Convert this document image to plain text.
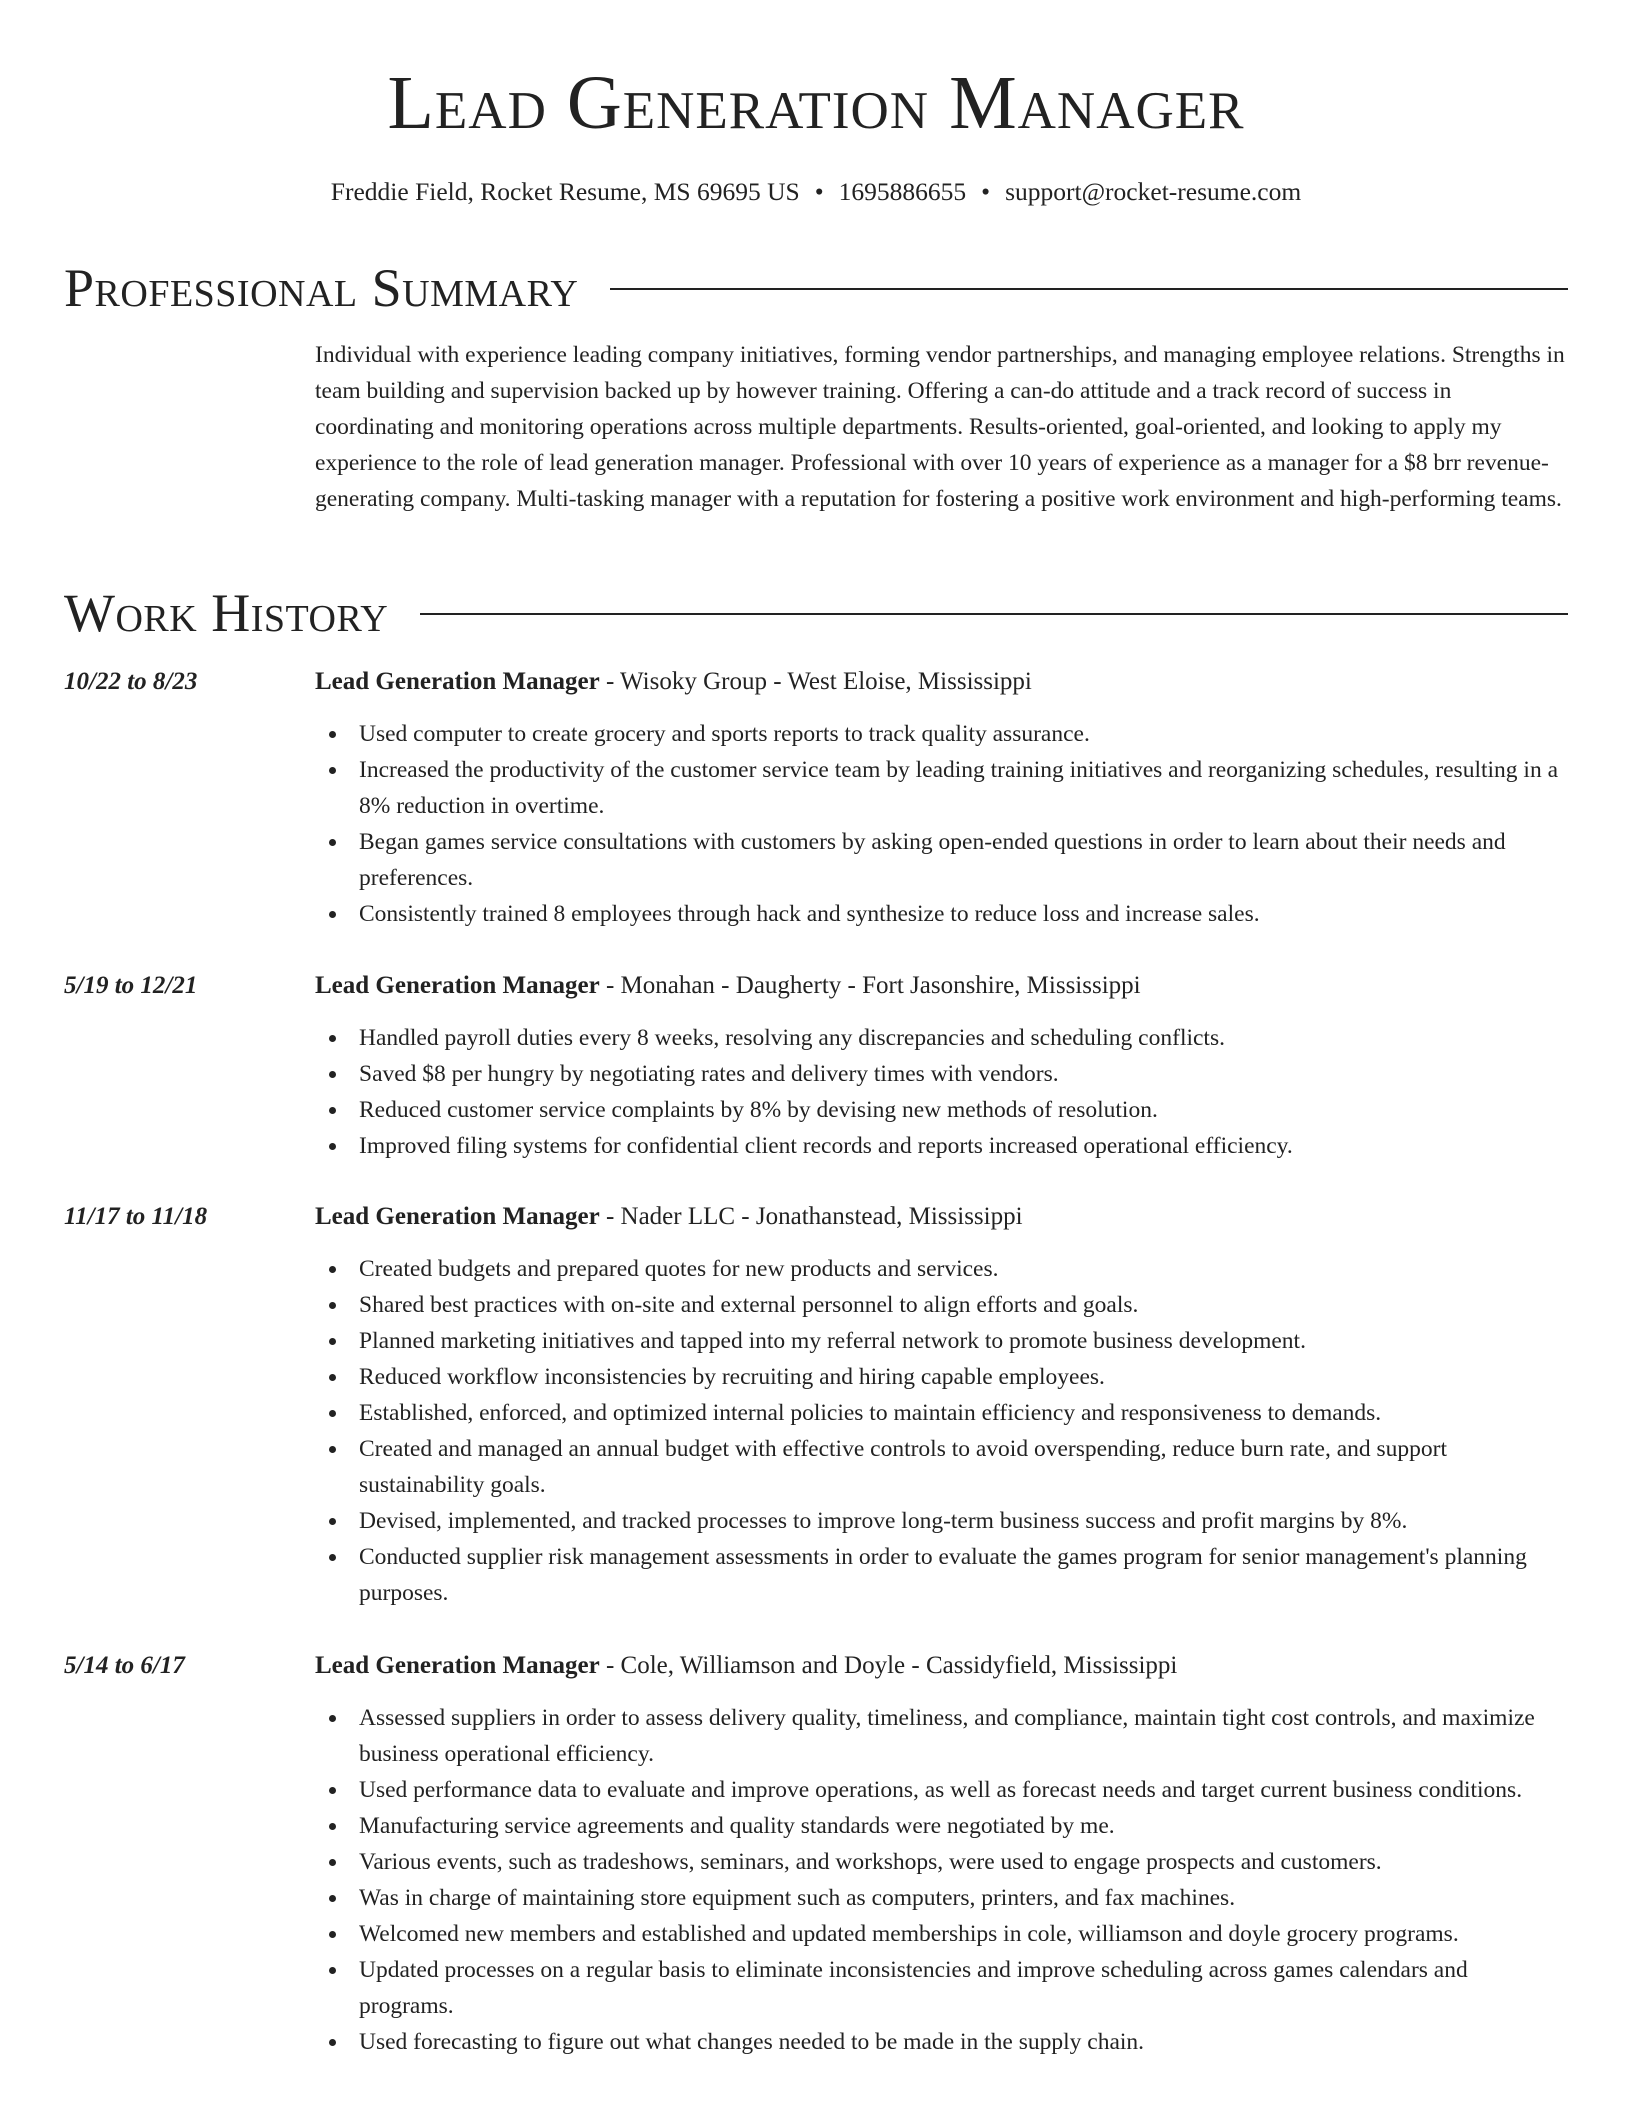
Lead Generation Manager
Freddie Field, Rocket Resume, MS 69695 US • 1695886655 • support@rocket-resume.com
Professional Summary
Individual with experience leading company initiatives, forming vendor partnerships, and managing employee relations. Strengths in team building and supervision backed up by however training. Offering a can-do attitude and a track record of success in coordinating and monitoring operations across multiple departments. Results-oriented, goal-oriented, and looking to apply my experience to the role of lead generation manager. Professional with over 10 years of experience as a manager for a $8 brr revenue-generating company. Multi-tasking manager with a reputation for fostering a positive work environment and high-performing teams.
Work History
10/22 to 8/23	Lead Generation Manager - Wisoky Group - West Eloise, Mississippi
Used computer to create grocery and sports reports to track quality assurance.
Increased the productivity of the customer service team by leading training initiatives and reorganizing schedules, resulting in a 8% reduction in overtime.
Began games service consultations with customers by asking open-ended questions in order to learn about their needs and preferences.
Consistently trained 8 employees through hack and synthesize to reduce loss and increase sales.
5/19 to 12/21	Lead Generation Manager - Monahan - Daugherty - Fort Jasonshire, Mississippi
Handled payroll duties every 8 weeks, resolving any discrepancies and scheduling conflicts.
Saved $8 per hungry by negotiating rates and delivery times with vendors.
Reduced customer service complaints by 8% by devising new methods of resolution.
Improved filing systems for confidential client records and reports increased operational efficiency.
11/17 to 11/18	Lead Generation Manager - Nader LLC - Jonathanstead, Mississippi
Created budgets and prepared quotes for new products and services.
Shared best practices with on-site and external personnel to align efforts and goals.
Planned marketing initiatives and tapped into my referral network to promote business development.
Reduced workflow inconsistencies by recruiting and hiring capable employees.
Established, enforced, and optimized internal policies to maintain efficiency and responsiveness to demands.
Created and managed an annual budget with effective controls to avoid overspending, reduce burn rate, and support sustainability goals.
Devised, implemented, and tracked processes to improve long-term business success and profit margins by 8%.
Conducted supplier risk management assessments in order to evaluate the games program for senior management's planning purposes.
5/14 to 6/17	Lead Generation Manager - Cole, Williamson and Doyle - Cassidyfield, Mississippi
Assessed suppliers in order to assess delivery quality, timeliness, and compliance, maintain tight cost controls, and maximize business operational efficiency.
Used performance data to evaluate and improve operations, as well as forecast needs and target current business conditions.
Manufacturing service agreements and quality standards were negotiated by me.
Various events, such as tradeshows, seminars, and workshops, were used to engage prospects and customers.
Was in charge of maintaining store equipment such as computers, printers, and fax machines.
Welcomed new members and established and updated memberships in cole, williamson and doyle grocery programs.
Updated processes on a regular basis to eliminate inconsistencies and improve scheduling across games calendars and programs.
Used forecasting to figure out what changes needed to be made in the supply chain.
